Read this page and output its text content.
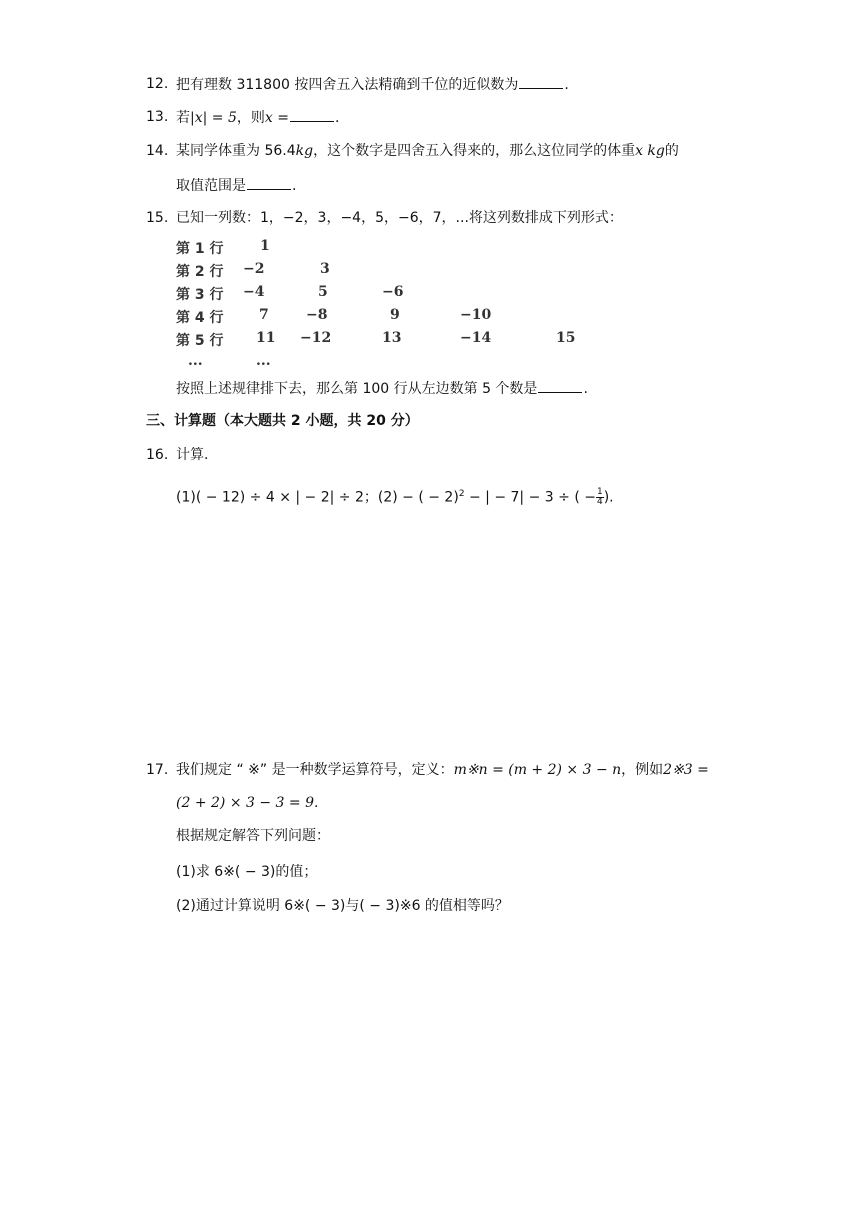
12. 把有理数 311800 按四舍五入法精确到千位的近似数为	.
13. 若|x| = 5，则x =	.
14. 某同学体重为 56.4kg，这个数字是四舍五入得来的，那么这位同学的体重x kg的
取值范围是	.
15. 已知一列数：1，−2，3，−4，5，−6，7，...将这列数排成下列形式：
第 1 行	1
第 2 行 −2	3
第 3 行 −4	5	−6
第 4 行	7	−8	9	−10
第 5 行 11 −12	13	−14	15
...	...
按照上述规律排下去，那么第 100 行从左边数第 5 个数是	.
三、计算题（本大题共 2 小题，共 20 分）
16. 计算.
(1)( − 12) ÷ 4 × | − 2| ÷ 2；(2) − ( − 2)$^2$ − | − 7| − 3 ÷ ( − $\frac{1}{4}$ ).
17. 我们规定 “ ※” 是一种数学运算符号，定义：m※n = (m + 2) × 3 − n，例如2※3 =
(2 + 2) × 3 − 3 = 9.
根据规定解答下列问题：
(1)求 6※( − 3)的值；
(2)通过计算说明 6※( − 3)与( − 3)※6 的值相等吗？
